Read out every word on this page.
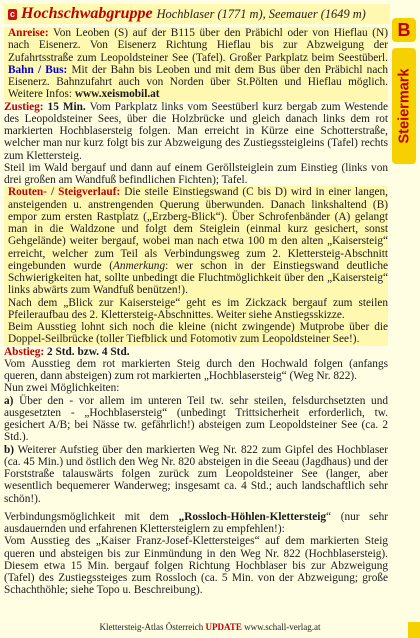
c Hochschwabgruppe Hochblaser (1771 m), Seemauer (1649 m)
B
Steiermark

Anreise: Von Leoben (S) auf der B115 über den Präbichl oder von Hieflau (N) nach Eisenerz. Von Eisenerz Richtung Hieflau bis zur Abzweigung der Zufahrtsstraße zum Leopoldsteiner See (Tafel). Großer Parkplatz beim Seestüberl. Bahn / Bus: Mit der Bahn bis Leoben und mit dem Bus über den Präbichl nach Eisenerz. Bahnzufahrt auch von Norden über St.Pölten und Hieflau möglich. Weitere Infos: www.xeismobil.at

Zustieg: 15 Min. Vom Parkplatz links vom Seestüberl kurz bergab zum Westende des Leopoldsteiner Sees, über die Holzbrücke und gleich danach links dem rot markierten Hochblasersteig folgen. Man erreicht in Kürze eine Schotterstraße, welcher man nur kurz folgt bis zur Abzweigung des Zustiegssteigleins (Tafel) rechts zum Klettersteig.

Steil im Wald bergauf und dann auf einem Geröllsteiglein zum Einstieg (links von drei großen am Wandfuß befindlichen Fichten); Tafel.

Routen- / Steigverlauf: Die steile Einstiegswand (C bis D) wird in einer langen, ansteigenden u. anstrengenden Querung überwunden. Danach linkshaltend (B) empor zum ersten Rastplatz („Erzberg-Blick“). Über Schrofenbänder (A) gelangt man in die Waldzone und folgt dem Steiglein (einmal kurz gesichert, sonst Gehgelände) weiter bergauf, wobei man nach etwa 100 m den alten „Kaisersteig“ erreicht, welcher zum Teil als Verbindungsweg zum 2. Klettersteig-Abschnitt eingebunden wurde (Anmerkung: wer schon in der Einstiegswand deutliche Schwierigkeiten hat, sollte unbedingt die Fluchtmöglichkeit über den „Kaisersteig“ links abwärts zum Wandfuß benützen!).

Nach dem „Blick zur Kaisersteige“ geht es im Zickzack bergauf zum steilen Pfeileraufbau des 2. Klettersteig-Abschnittes. Weiter siehe Anstiegsskizze.

Beim Ausstieg lohnt sich noch die kleine (nicht zwingende) Mutprobe über die Doppel-Seilbrücke (toller Tiefblick und Fotomotiv zum Leopoldsteiner See!).

Abstieg: 2 Std. bzw. 4 Std.

Vom Ausstieg dem rot markierten Steig durch den Hochwald folgen (anfangs queren, dann absteigen) zum rot markierten „Hochblasersteig“ (Weg Nr. 822).

Nun zwei Möglichkeiten:

a) Über den - vor allem im unteren Teil tw. sehr steilen, felsdurchsetzten und ausgesetzten - „Hochblasersteig“ (unbedingt Trittsicherheit erforderlich, tw. gesichert A/B; bei Nässe tw. gefährlich!) absteigen zum Leopoldsteiner See (ca. 2 Std.).

b) Weiterer Aufstieg über den markierten Weg Nr. 822 zum Gipfel des Hochblaser (ca. 45 Min.) und östlich den Weg Nr. 820 absteigen in die Seeau (Jagdhaus) und der Forststraße talauswärts folgen zurück zum Leopoldsteiner See (langer, aber wesentlich bequemerer Wanderweg; insgesamt ca. 4 Std.; auch landschaftlich sehr schön!).

Verbindungsmöglichkeit mit dem „Rossloch-Höhlen-Klettersteig“ (nur sehr ausdauernden und erfahrenen Klettersteiglern zu empfehlen!):

Vom Ausstieg des „Kaiser Franz-Josef-Klettersteiges“ auf dem markierten Steig queren und absteigen bis zur Einmündung in den Weg Nr. 822 (Hochblasersteig). Diesem etwa 15 Min. bergauf folgen Richtung Hochblaser bis zur Abzweigung (Tafel) des Zustiegssteiges zum Rossloch (ca. 5 Min. von der Abzweigung; große Schachthöhle; siehe Topo u. Beschreibung).

Klettersteig-Atlas Österreich UPDATE www.schall-verlag.at
